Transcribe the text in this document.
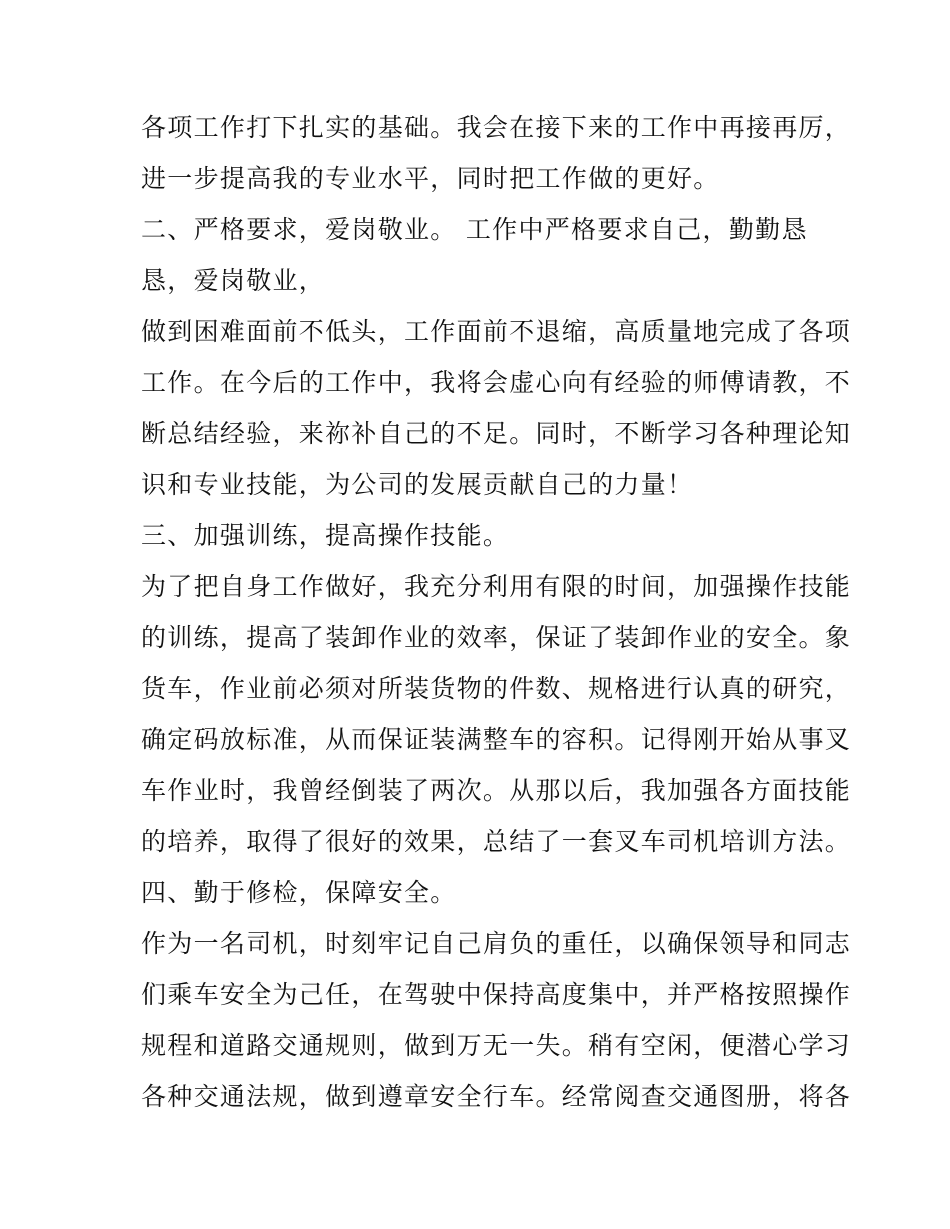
各项工作打下扎实的基础。我会在接下来的工作中再接再厉，
进一步提高我的专业水平，同时把工作做的更好。
二、严格要求，爱岗敬业。 工作中严格要求自己，勤勤恳
恳，爱岗敬业，
做到困难面前不低头，工作面前不退缩，高质量地完成了各项
工作。在今后的工作中，我将会虚心向有经验的师傅请教，不
断总结经验，来祢补自己的不足。同时，不断学习各种理论知
识和专业技能，为公司的发展贡献自己的力量！
三、加强训练，提高操作技能。
为了把自身工作做好，我充分利用有限的时间，加强操作技能
的训练，提高了装卸作业的效率，保证了装卸作业的安全。象
货车，作业前必须对所装货物的件数、规格进行认真的研究，
确定码放标准，从而保证装满整车的容积。记得刚开始从事叉
车作业时，我曾经倒装了两次。从那以后，我加强各方面技能
的培养，取得了很好的效果，总结了一套叉车司机培训方法。
四、勤于修检，保障安全。
作为一名司机，时刻牢记自己肩负的重任，以确保领导和同志
们乘车安全为己任，在驾驶中保持高度集中，并严格按照操作
规程和道路交通规则，做到万无一失。稍有空闲，便潜心学习
各种交通法规，做到遵章安全行车。经常阅查交通图册，将各
